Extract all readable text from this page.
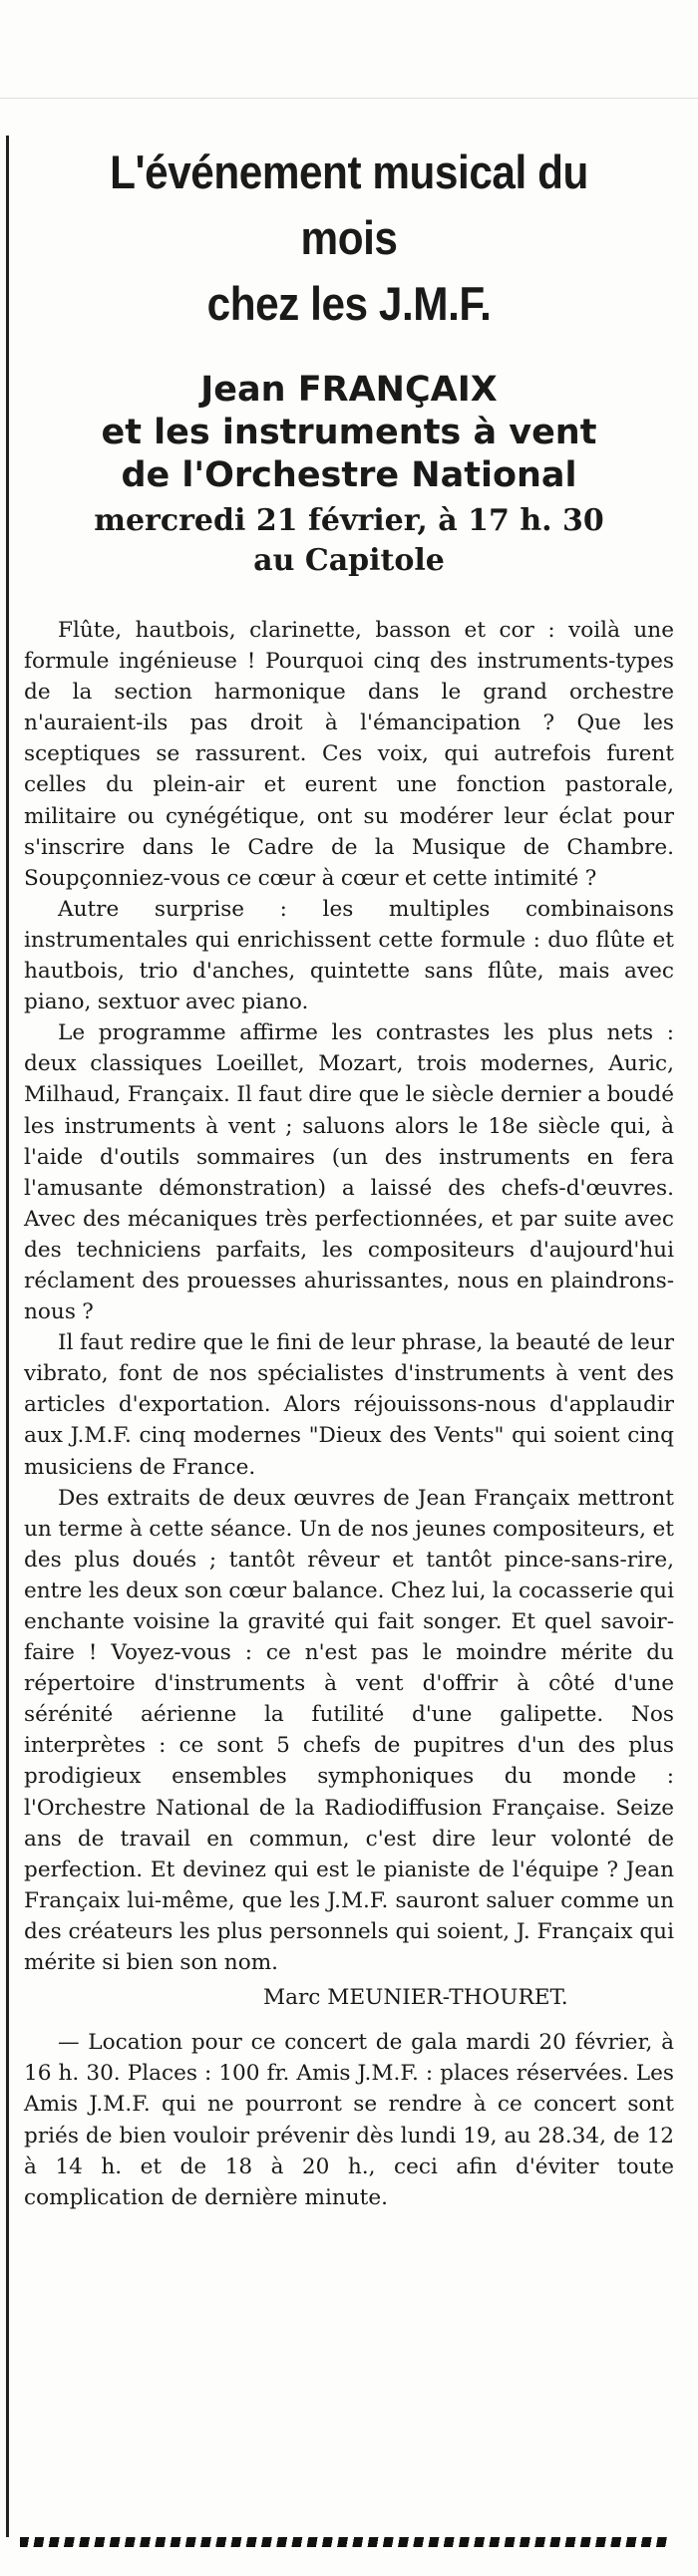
L'événement musical du mois
chez les J.M.F.
Jean FRANÇAIX
et les instruments à vent
de l'Orchestre National
mercredi 21 février, à 17 h. 30
au Capitole

Flûte, hautbois, clarinette, basson et cor : voilà une formule ingénieuse ! Pourquoi cinq des instruments-types de la section harmonique dans le grand orchestre n'auraient-ils pas droit à l'émancipation ? Que les sceptiques se rassurent. Ces voix, qui autrefois furent celles du plein-air et eurent une fonction pastorale, militaire ou cynégétique, ont su modérer leur éclat pour s'inscrire dans le Cadre de la Musique de Chambre. Soupçonniez-vous ce cœur à cœur et cette intimité ?

Autre surprise : les multiples combinaisons instrumentales qui enrichissent cette formule : duo flûte et hautbois, trio d'anches, quintette sans flûte, mais avec piano, sextuor avec piano.

Le programme affirme les contrastes les plus nets : deux classiques Loeillet, Mozart, trois modernes, Auric, Milhaud, Françaix. Il faut dire que le siècle dernier a boudé les instruments à vent ; saluons alors le 18e siècle qui, à l'aide d'outils sommaires (un des instruments en fera l'amusante démonstration) a laissé des chefs-d'œuvres. Avec des mécaniques très perfectionnées, et par suite avec des techniciens parfaits, les compositeurs d'aujourd'hui réclament des prouesses ahurissantes, nous en plaindrons-nous ?

Il faut redire que le fini de leur phrase, la beauté de leur vibrato, font de nos spécialistes d'instruments à vent des articles d'exportation. Alors réjouissons-nous d'applaudir aux J.M.F. cinq modernes "Dieux des Vents" qui soient cinq musiciens de France.

Des extraits de deux œuvres de Jean Françaix mettront un terme à cette séance. Un de nos jeunes compositeurs, et des plus doués ; tantôt rêveur et tantôt pince-sans-rire, entre les deux son cœur balance. Chez lui, la cocasserie qui enchante voisine la gravité qui fait songer. Et quel savoir-faire ! Voyez-vous : ce n'est pas le moindre mérite du répertoire d'instruments à vent d'offrir à côté d'une sérénité aérienne la futilité d'une galipette. Nos interprètes : ce sont 5 chefs de pupitres d'un des plus prodigieux ensembles symphoniques du monde : l'Orchestre National de la Radiodiffusion Française. Seize ans de travail en commun, c'est dire leur volonté de perfection. Et devinez qui est le pianiste de l'équipe ? Jean Françaix lui-même, que les J.M.F. sauront saluer comme un des créateurs les plus personnels qui soient, J. Françaix qui mérite si bien son nom.

Marc MEUNIER-THOURET.

— Location pour ce concert de gala mardi 20 février, à 16 h. 30. Places : 100 fr. Amis J.M.F. : places réservées. Les Amis J.M.F. qui ne pourront se rendre à ce concert sont priés de bien vouloir prévenir dès lundi 19, au 28.34, de 12 à 14 h. et de 18 à 20 h., ceci afin d'éviter toute complication de dernière minute.
